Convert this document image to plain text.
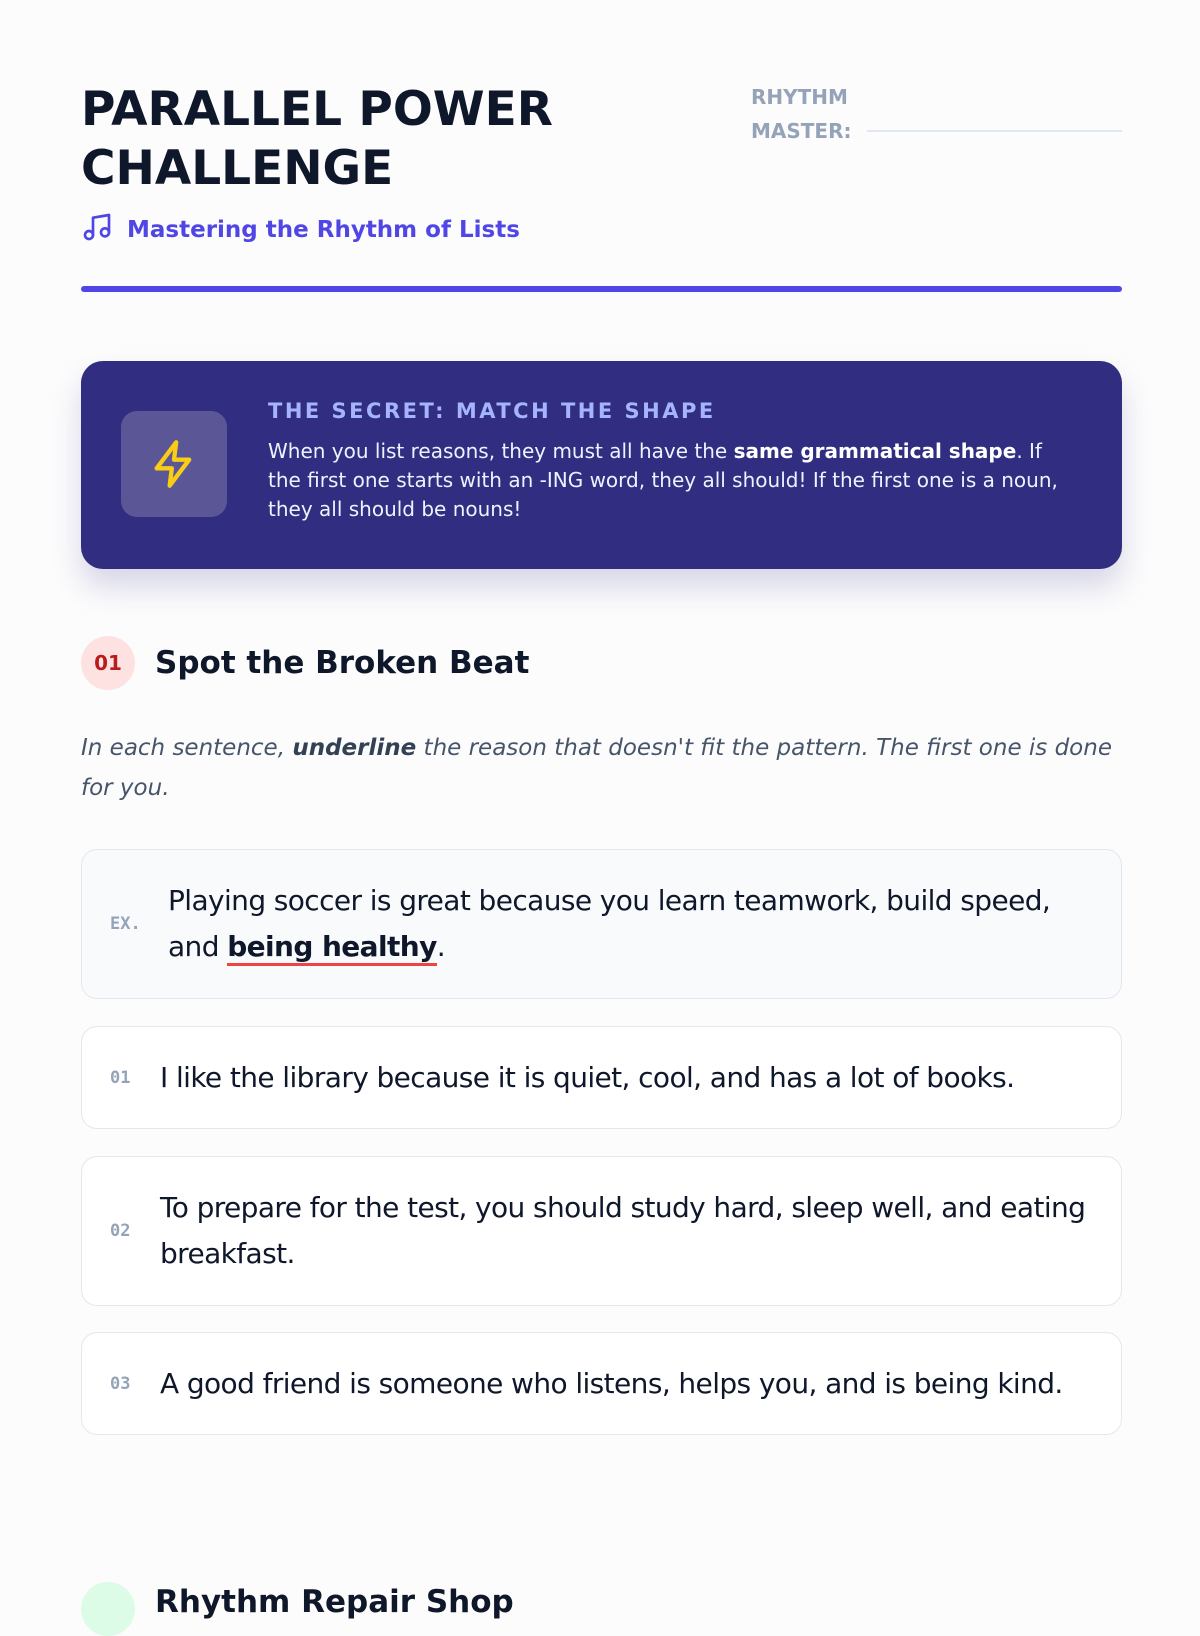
PARALLEL POWER CHALLENGE
Mastering the Rhythm of Lists
RHYTHM MASTER:
THE SECRET: MATCH THE SHAPE
When you list reasons, they must all have the same grammatical shape. If the first one starts with an -ING word, they all should! If the first one is a noun, they all should be nouns!
01	Spot the Broken Beat
In each sentence, underline the reason that doesn't fit the pattern. The first one is done for you.
EX.
Playing soccer is great because you learn teamwork, build speed, and being healthy.
01 I like the library because it is quiet, cool, and has a lot of books.
02
To prepare for the test, you should study hard, sleep well, and eating breakfast.
03 A good friend is someone who listens, helps you, and is being kind.
Rhythm Repair Shop
